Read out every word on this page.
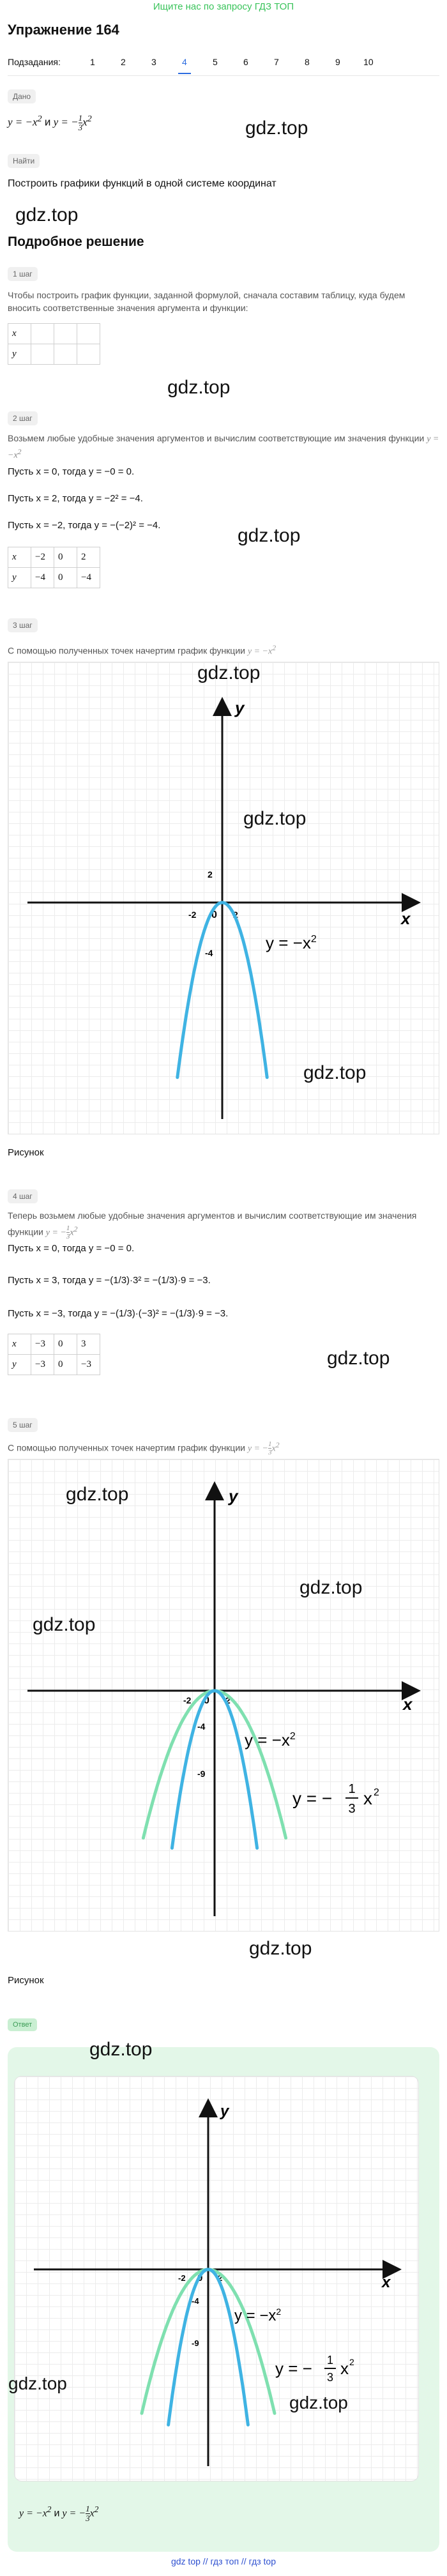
Ищите нас по запросу ГДЗ ТОП
Упражнение 164
Подзадания:	1	2	3	4	5	6	7	8	9	10
Дано
$y = -x^2$ и y = − $\frac{1}{3} x^2$	gdz.top
Найти
Построить графики функций в одной системе координат
gdz.top
Подробное решение
1 шаг
Чтобы построить график функции, заданной формулой, сначала составим таблицу, куда будем вносить соответственные значения аргумента и функции:
x			
y			
gdz.top
2 шаг
Возьмем любые удобные значения аргументов и вычислим соответствующие им значения функции $y = -x^2$
Пусть x = 0, тогда y = −0 = 0.
Пусть x = 2, тогда y = −2² = −4.
Пусть x = −2, тогда y = −(−2)² = −4.	gdz.top
x	−2	0	2
y	−4	0	−4
3 шаг
С помощью полученных точек начертим график функции $y = -x^2$
x
y
0
-2	2
2
-4
$y = -x^2$
gdz.top
gdz.top
gdz.top
Рисунок
4 шаг
Теперь возьмем любые удобные значения аргументов и вычислим соответствующие им значения функции y = − $\frac{1}{3} x^2$
Пусть x = 0, тогда y = −0 = 0.
Пусть x = 3, тогда y = −(1/3)·3² = −(1/3)·9 = −3.
Пусть x = −3, тогда y = −(1/3)·(−3)² = −(1/3)·9 = −3.
x	−3	0	3
y	−3	0	−3	gdz.top
5 шаг
С помощью полученных точек начертим график функции y = − $\frac{1}{3} x^2$
x
y
0
-2	2
-4
-9
$y = -x^2$
y = − 1
3
x 2
gdz.top
gdz.top
gdz.top
gdz.top
Рисунок
Ответ
gdz.top
x
y
0
-2	2
-4
-9
$y = -x^2$
y = − 1
3 x 2
gdz.top
gdz.top
$y = -x^2$ и y = − $\frac{1}{3} x^2$
gdz top // гдз топ // гдз top
